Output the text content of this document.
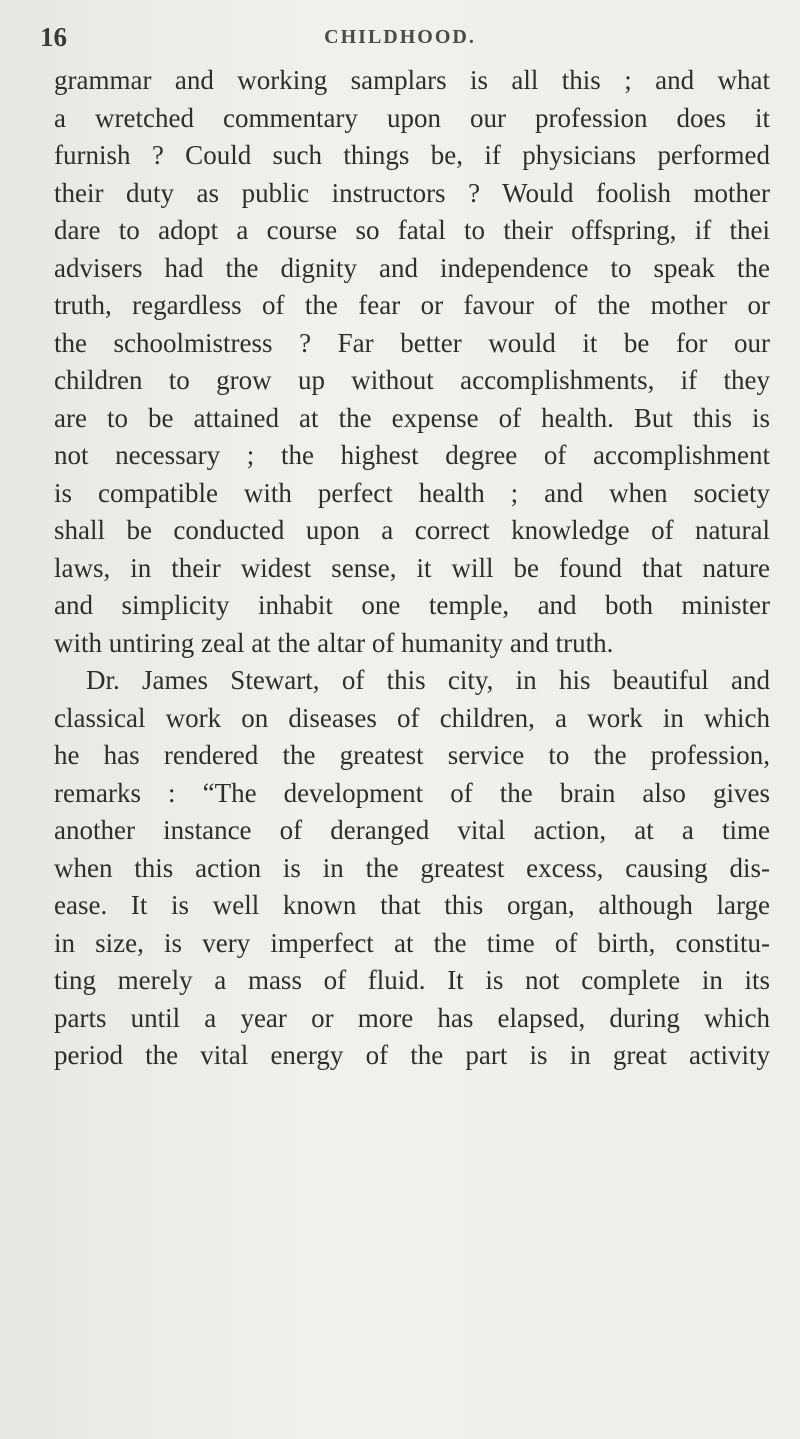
16	CHILDHOOD.
grammar and working samplars is all this ; and what
a wretched commentary upon our profession does it
furnish ? Could such things be, if physicians performed
their duty as public instructors ? Would foolish mother
dare to adopt a course so fatal to their offspring, if thei
advisers had the dignity and independence to speak the
truth, regardless of the fear or favour of the mother or
the schoolmistress ? Far better would it be for our
children to grow up without accomplishments, if they
are to be attained at the expense of health. But this is
not necessary ; the highest degree of accomplishment
is compatible with perfect health ; and when society
shall be conducted upon a correct knowledge of natural
laws, in their widest sense, it will be found that nature
and simplicity inhabit one temple, and both minister
with untiring zeal at the altar of humanity and truth.
Dr. James Stewart, of this city, in his beautiful and
classical work on diseases of children, a work in which
he has rendered the greatest service to the profession,
remarks : “The development of the brain also gives
another instance of deranged vital action, at a time
when this action is in the greatest excess, causing dis-
ease. It is well known that this organ, although large
in size, is very imperfect at the time of birth, constitu-
ting merely a mass of fluid. It is not complete in its
parts until a year or more has elapsed, during which
period the vital energy of the part is in great activity
